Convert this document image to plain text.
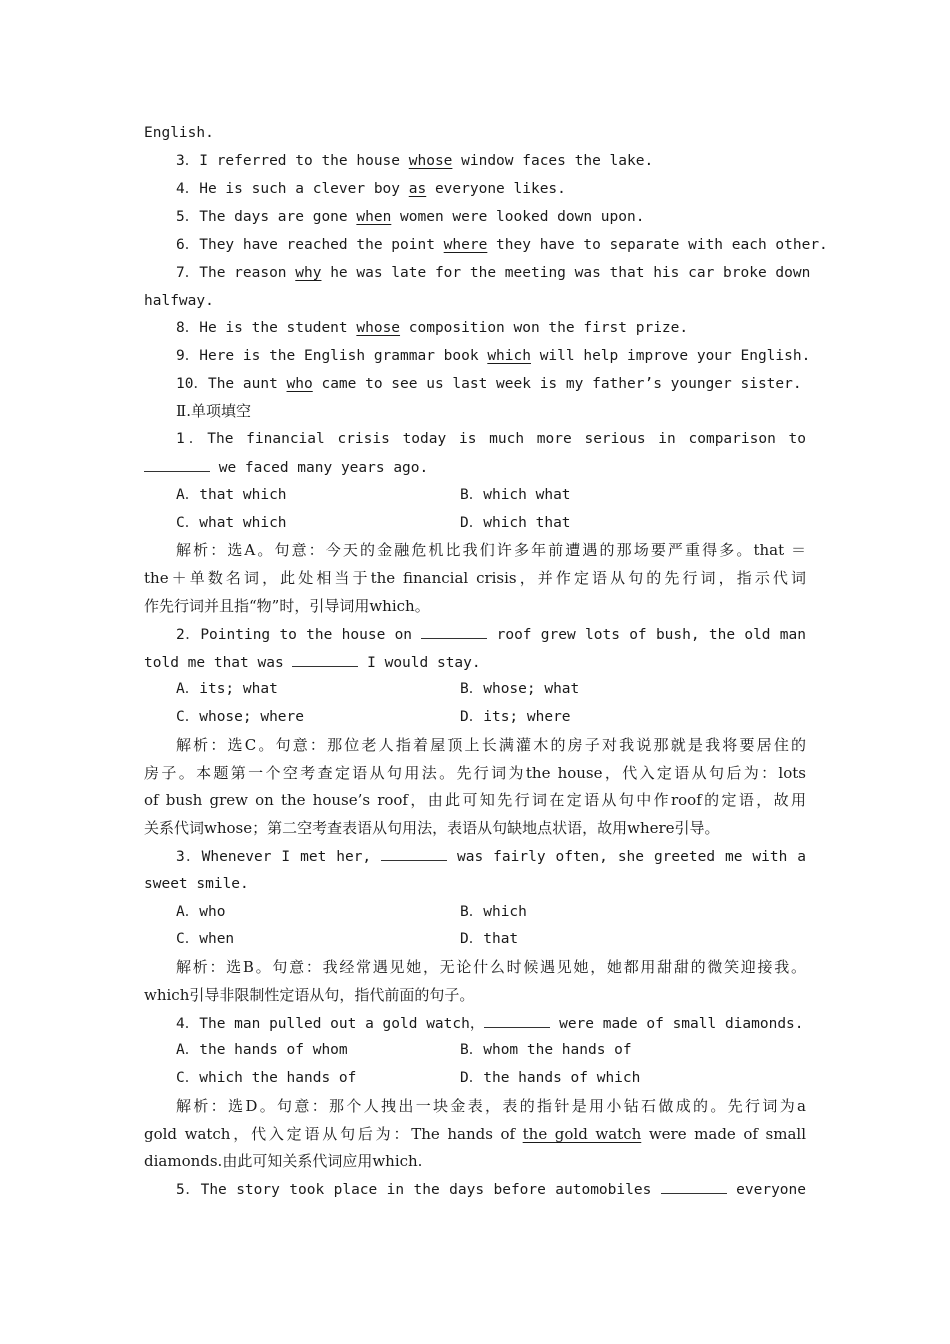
English.
3．I referred to the house whose window faces the lake.
4．He is such a clever boy as everyone likes.
5．The days are gone when women were looked down upon.
6．They have reached the point where they have to separate with each other.
7．The reason why he was late for the meeting was that his car broke down
halfway.
8．He is the student whose composition won the first prize.
9．Here is the English grammar book which will help improve your English.
10．The aunt who came to see us last week is my father’s younger sister.
Ⅱ.单项填空
1．The financial crisis today is much more serious in comparison to
we faced many years ago.
A．that which	B．which what
C．what which	D．which that
解析：选A。句意：今天的金融危机比我们许多年前遭遇的那场要严重得多。that ＝
the＋单数名词，此处相当于the financial crisis，并作定语从句的先行词，指示代词
作先行词并且指“物”时，引导词用which。
2．Pointing to the house on	roof grew lots of bush, the old man
told me that was	I would stay.
A．its; what	B．whose; what
C．whose; where	D．its; where
解析：选C。句意：那位老人指着屋顶上长满灌木的房子对我说那就是我将要居住的
房子。本题第一个空考查定语从句用法。先行词为the house，代入定语从句后为：lots
of bush grew on the house’s roof，由此可知先行词在定语从句中作roof的定语，故用
关系代词whose；第二空考查表语从句用法，表语从句缺地点状语，故用where引导。
3．Whenever I met her,	was fairly often, she greeted me with a
sweet smile.
A．who	B．which
C．when	D．that
解析：选B。句意：我经常遇见她，无论什么时候遇见她，她都用甜甜的微笑迎接我。
which引导非限制性定语从句，指代前面的句子。
4．The man pulled out a gold watch，	were made of small diamonds.
A．the hands of whom	B．whom the hands of
C．which the hands of	D．the hands of which
解析：选D。句意：那个人拽出一块金表，表的指针是用小钻石做成的。先行词为a
gold watch，代入定语从句后为：The hands of the gold watch were made of small
diamonds.由此可知关系代词应用which.
5．The story took place in the days before automobiles	everyone
